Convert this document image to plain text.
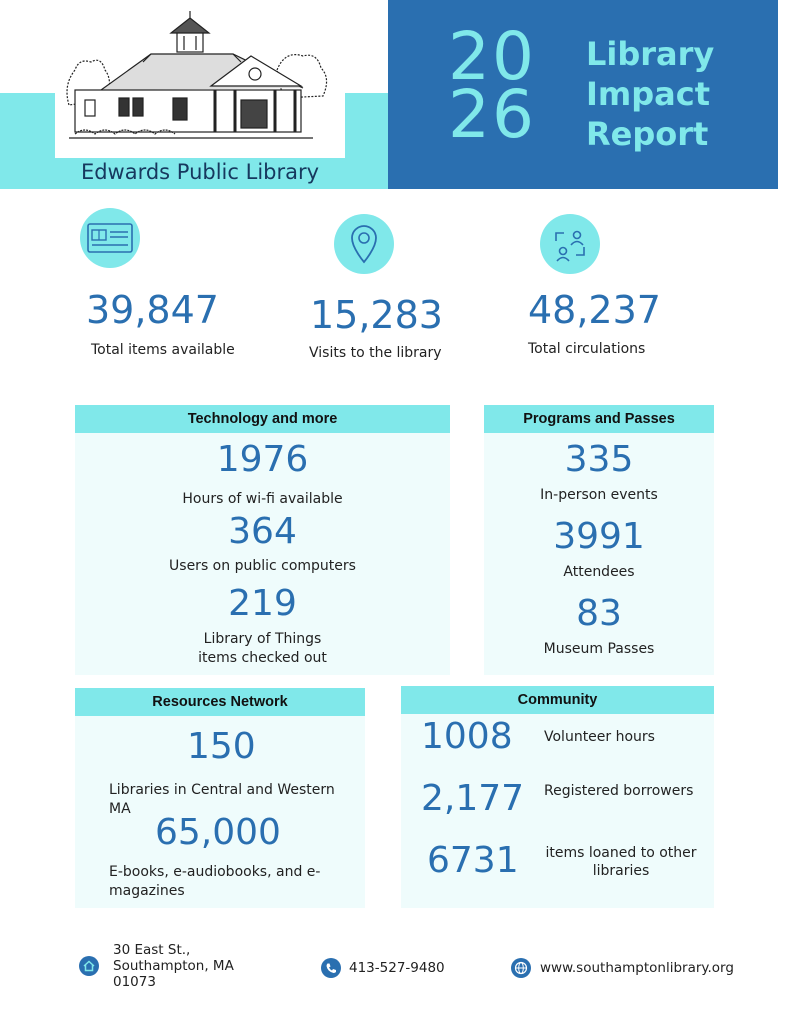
Edwards Public Library
20
26
Library
Impact
Report
39,847
Total items available
15,283
Visits to the library
48,237
Total circulations
Technology and more
1976
Hours of wi-fi available
364
Users on public computers
219
Library of Things
items checked out
Programs and Passes
335
In-person events
3991
Attendees
83
Museum Passes
Resources Network
150
Libraries in Central and Western
MA
65,000
E-books, e-audiobooks, and e-
magazines
Community
1008 Volunteer hours
2,177 Registered borrowers
6731	items loaned to other
libraries
30 East St.,
Southampton, MA
01073
413-527-9480	www.southamptonlibrary.org
